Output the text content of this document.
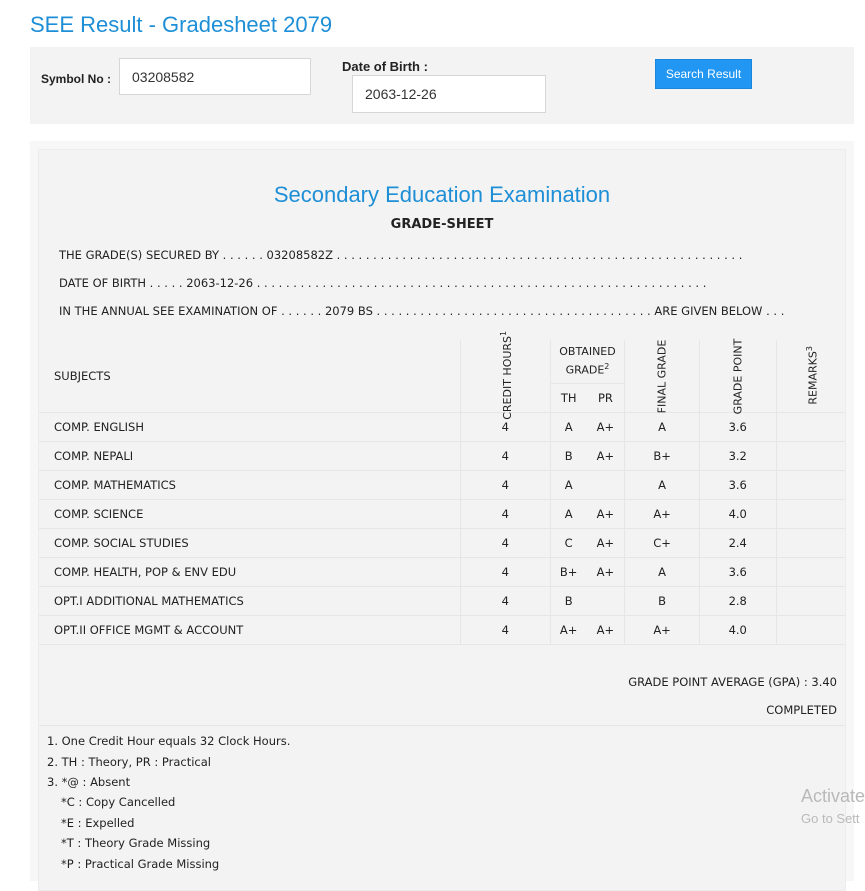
SEE Result - Gradesheet 2079
Symbol No :
03208582
Date of Birth :
2063-12-26	Search Result
Secondary Education Examination
GRADE-SHEET
THE GRADE(S) SECURED BY . . . . . . 03208582Z . . . . . . . . . . . . . . . . . . . . . . . . . . . . . . . . . . . . . . . . . . . . . . . . . . . . . . . .
DATE OF BIRTH . . . . . 2063-12-26 . . . . . . . . . . . . . . . . . . . . . . . . . . . . . . . . . . . . . . . . . . . . . . . . . . . . . . . . . . . . . .
IN THE ANNUAL SEE EXAMINATION OF . . . . . . 2079 BS . . . . . . . . . . . . . . . . . . . . . . . . . . . . . . . . . . . . . . ARE GIVEN BELOW . . .
SUBJECTS	CREDIT HOURS$^1$	OBTAINED GRADE$^2$		FINAL GRADE	GRADE POINT	REMARKS$^3$
		TH	PR			
COMP. ENGLISH	4	A	A+	A	3.6	
COMP. NEPALI	4	B	A+	B+	3.2	
COMP. MATHEMATICS	4	A		A	3.6	
COMP. SCIENCE	4	A	A+	A+	4.0	
COMP. SOCIAL STUDIES	4	C	A+	C+	2.4	
COMP. HEALTH, POP & ENV EDU	4	B+	A+	A	3.6	
OPT.I ADDITIONAL MATHEMATICS	4	B		B	2.8	
OPT.II OFFICE MGMT & ACCOUNT	4	A+	A+	A+	4.0	
GRADE POINT AVERAGE (GPA) : 3.40
COMPLETED
1. One Credit Hour equals 32 Clock Hours.
2. TH : Theory, PR : Practical
3. *@ : Absent
*C : Copy Cancelled
*E : Expelled
*T : Theory Grade Missing
*P : Practical Grade Missing
Activate
Go to Sett
